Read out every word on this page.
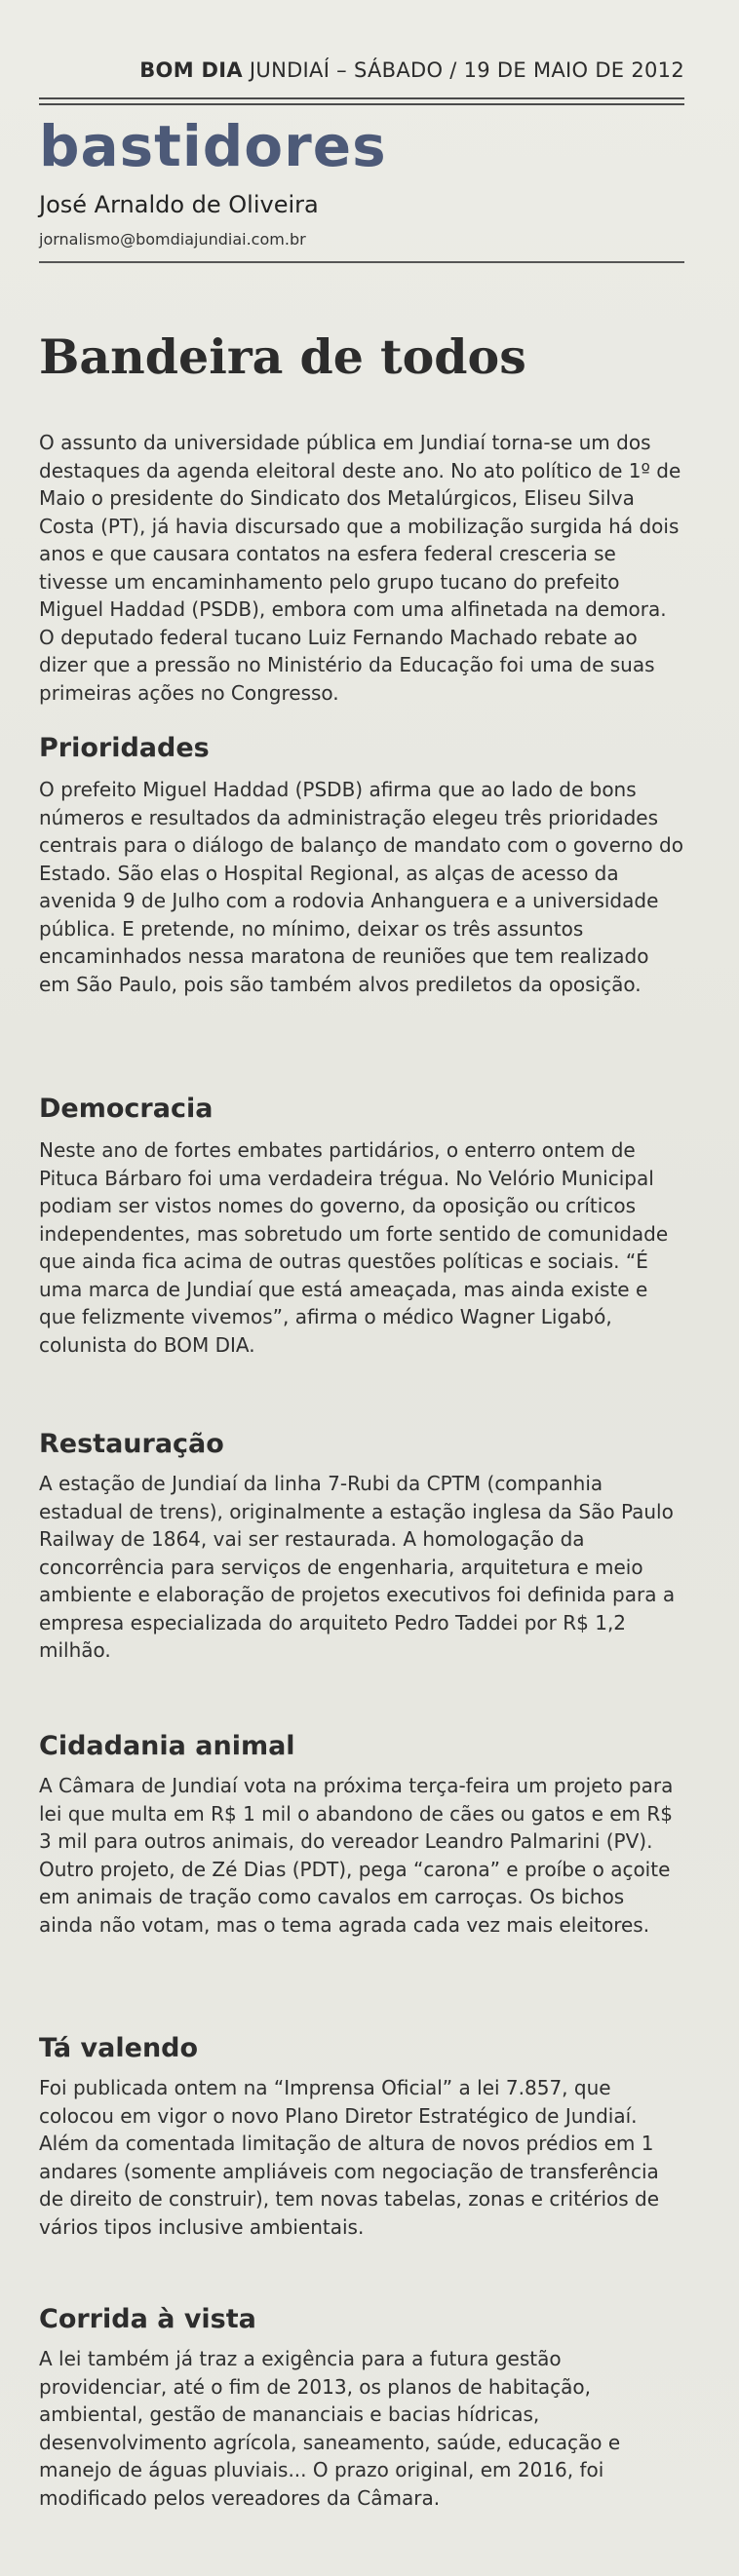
BOM DIA JUNDIAÍ – SÁBADO / 19 DE MAIO DE 2012
bastidores
José Arnaldo de Oliveira
jornalismo@bomdiajundiai.com.br
Bandeira de todos

O assunto da universidade pública em Jundiaí torna-se um dos destaques da agenda eleitoral deste ano. No ato político de 1º de Maio o presidente do Sindicato dos Metalúrgicos, Eliseu Silva Costa (PT), já havia discursado que a mobilização surgida há dois anos e que causara contatos na esfera federal cresceria se tivesse um encaminhamento pelo grupo tucano do prefeito Miguel Haddad (PSDB), embora com uma alfinetada na demora. O deputado federal tucano Luiz Fernando Machado rebate ao dizer que a pressão no Ministério da Educação foi uma de suas primeiras ações no Congresso.

Prioridades

O prefeito Miguel Haddad (PSDB) afirma que ao lado de bons números e resultados da administração elegeu três prioridades centrais para o diálogo de balanço de mandato com o governo do Estado. São elas o Hospital Regional, as alças de acesso da avenida 9 de Julho com a rodovia Anhanguera e a universidade pública. E pretende, no mínimo, deixar os três assuntos encaminhados nessa maratona de reuniões que tem realizado em São Paulo, pois são também alvos prediletos da oposição.

Democracia

Neste ano de fortes embates partidários, o enterro ontem de Pituca Bárbaro foi uma verdadeira trégua. No Velório Municipal podiam ser vistos nomes do governo, da oposição ou críticos independentes, mas sobretudo um forte sentido de comunidade que ainda fica acima de outras questões políticas e sociais. “É uma marca de Jundiaí que está ameaçada, mas ainda existe e que felizmente vivemos”, afirma o médico Wagner Ligabó, colunista do BOM DIA.

Restauração

A estação de Jundiaí da linha 7-Rubi da CPTM (companhia estadual de trens), originalmente a estação inglesa da São Paulo Railway de 1864, vai ser restaurada. A homologação da concorrência para serviços de engenharia, arquitetura e meio ambiente e elaboração de projetos executivos foi definida para a empresa especializada do arquiteto Pedro Taddei por R$ 1,2 milhão.

Cidadania animal

A Câmara de Jundiaí vota na próxima terça-feira um projeto para lei que multa em R$ 1 mil o abandono de cães ou gatos e em R$ 3 mil para outros animais, do vereador Leandro Palmarini (PV). Outro projeto, de Zé Dias (PDT), pega “carona” e proíbe o açoite em animais de tração como cavalos em carroças. Os bichos ainda não votam, mas o tema agrada cada vez mais eleitores.

Tá valendo

Foi publicada ontem na “Imprensa Oficial” a lei 7.857, que colocou em vigor o novo Plano Diretor Estratégico de Jundiaí. Além da comentada limitação de altura de novos prédios em 1 andares (somente ampliáveis com negociação de transferência de direito de construir), tem novas tabelas, zonas e critérios de vários tipos inclusive ambientais.

Corrida à vista

A lei também já traz a exigência para a futura gestão providenciar, até o fim de 2013, os planos de habitação, ambiental, gestão de mananciais e bacias hídricas, desenvolvimento agrícola, saneamento, saúde, educação e manejo de águas pluviais... O prazo original, em 2016, foi modificado pelos vereadores da Câmara.
